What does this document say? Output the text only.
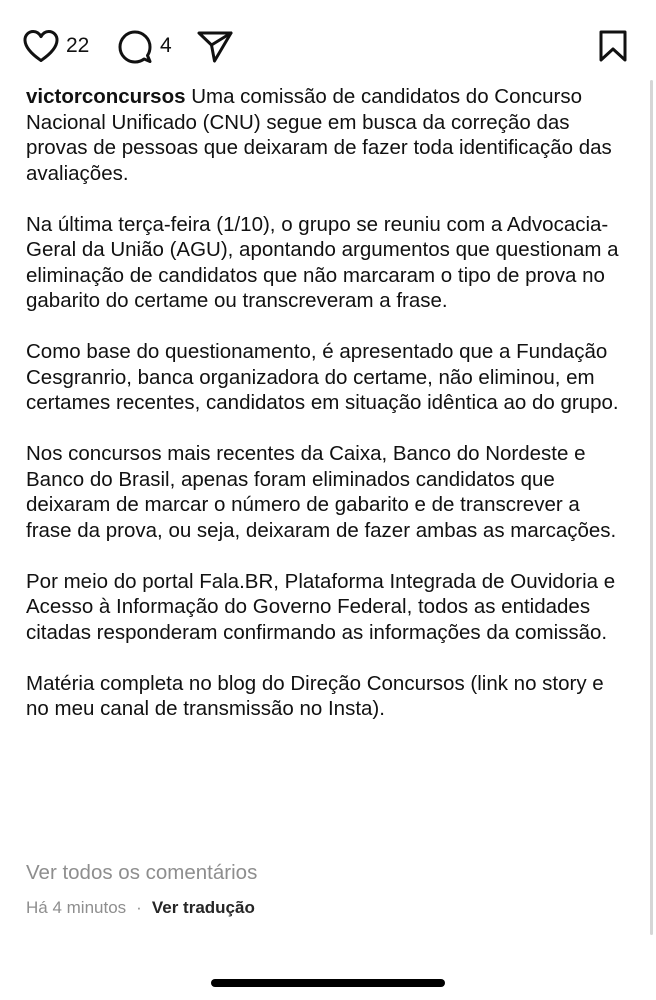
22	4

victorconcursos Uma comissão de candidatos do Concurso Nacional Unificado (CNU) segue em busca da correção das provas de pessoas que deixaram de fazer toda identificação das avaliações.

Na última terça-feira (1/10), o grupo se reuniu com a Advocacia-Geral da União (AGU), apontando argumentos que questionam a eliminação de candidatos que não marcaram o tipo de prova no gabarito do certame ou transcreveram a frase.

Como base do questionamento, é apresentado que a Fundação Cesgranrio, banca organizadora do certame, não eliminou, em certames recentes, candidatos em situação idêntica ao do grupo.

Nos concursos mais recentes da Caixa, Banco do Nordeste e Banco do Brasil, apenas foram eliminados candidatos que deixaram de marcar o número de gabarito e de transcrever a frase da prova, ou seja, deixaram de fazer ambas as marcações.

Por meio do portal Fala.BR, Plataforma Integrada de Ouvidoria e Acesso à Informação do Governo Federal, todos as entidades citadas responderam confirmando as informações da comissão.

Matéria completa no blog do Direção Concursos (link no story e no meu canal de transmissão no Insta).

Ver todos os comentários
Há 4 minutos · Ver tradução
